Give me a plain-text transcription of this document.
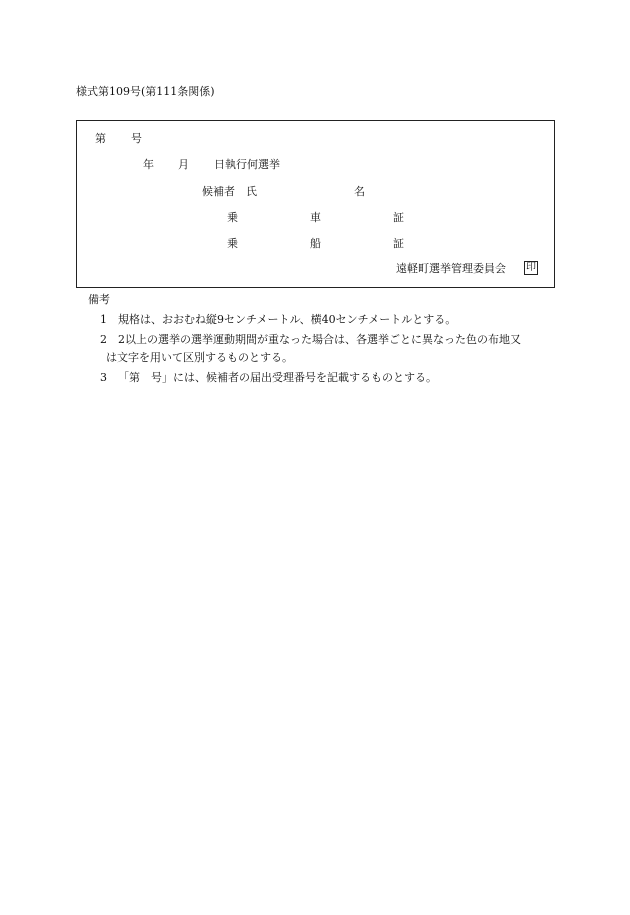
様式第109号(第111条関係)
第 号
年 月 日執行何選挙
候補者　氏	名
乗	車	証
乗	船	証
遠軽町選挙管理委員会 印
備考
1 規格は、おおむね縦9センチメートル、横40センチメートルとする。
2 2以上の選挙の選挙運動期間が重なった場合は、各選挙ごとに異なった色の布地又
は文字を用いて区別するものとする。
3 「第　号」には、候補者の届出受理番号を記載するものとする。
